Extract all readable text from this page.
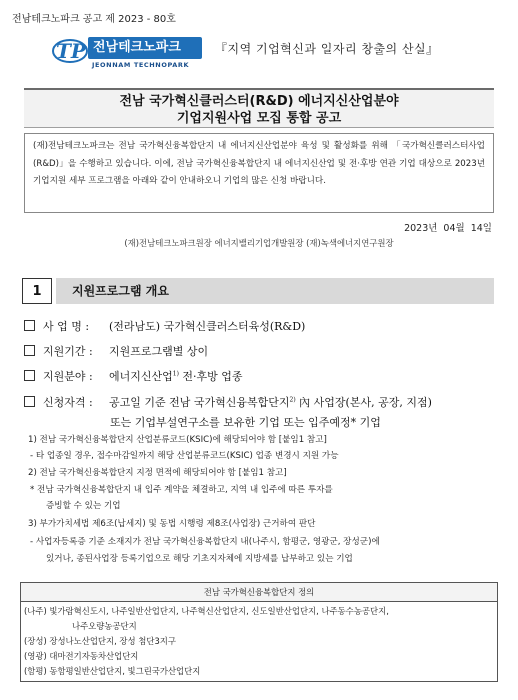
전남테크노파크 공고 제 2023 - 80호
TP 전남테크노파크
JEONNAM TECHNOPARK
『지역 기업혁신과 일자리 창출의 산실』
전남 국가혁신클러스터(R&D) 에너지신산업분야
기업지원사업 모집 통합 공고
(재)전남테크노파크는 전남 국가혁신융복합단지 내 에너지신산업분야 육성 및 활성화를 위해 「국가혁신클러스터사업(R&D)」을 수행하고 있습니다. 이에, 전남 국가혁신융복합단지 내 에너지신산업 및 전·후방 연관 기업 대상으로 2023년 기업지원 세부 프로그램을 아래와 같이 안내하오니 기업의 많은 신청 바랍니다.
2023년 04월 14일
(재)전남테크노파크원장 에너지밸리기업개발원장 (재)녹색에너지연구원장
1	지원프로그램 개요
사 업 명 : (전라남도) 국가혁신클러스터육성(R&D)
지원기간 : 지원프로그램별 상이
지원분야 : 에너지신산업$^{1)}$ 전·후방 업종
신청자격 : 공고일 기준 전남 국가혁신융복합단지$^{2)}$ 內 사업장(본사, 공장, 지점)
또는 기업부설연구소를 보유한 기업 또는 입주예정* 기업
1) 전남 국가혁신융복합단지 산업분류코드(KSIC)에 해당되어야 함 [붙임1 참고]
- 타 업종일 경우, 접수마감일까지 해당 산업분류코드(KSIC) 업종 변경시 지원 가능
2) 전남 국가혁신융복합단지 지정 면적에 해당되어야 함 [붙임1 참고]
* 전남 국가혁신융복합단지 내 입주 계약을 체결하고, 지역 내 입주에 따른 투자를
증빙할 수 있는 기업
3) 부가가치세법 제6조(납세지) 및 동법 시행령 제8조(사업장) 근거하여 판단
- 사업자등록증 기준 소재지가 전남 국가혁신융복합단지 내(나주시, 함평군, 영광군, 장성군)에
있거나, 종된사업장 등록기업으로 해당 기초지자체에 지방세를 납부하고 있는 기업
전남 국가혁신융복합단지 정의

(나주) 빛가람혁신도시, 나주일반산업단지, 나주혁신산업단지, 신도일반산업단지, 나주동수농공단지,
나주오량농공단지
(장성) 장성나노산업단지, 장성 첨단3지구
(영광) 대마전기자동차산업단지
(함평) 동함평일반산업단지, 빛그린국가산업단지
